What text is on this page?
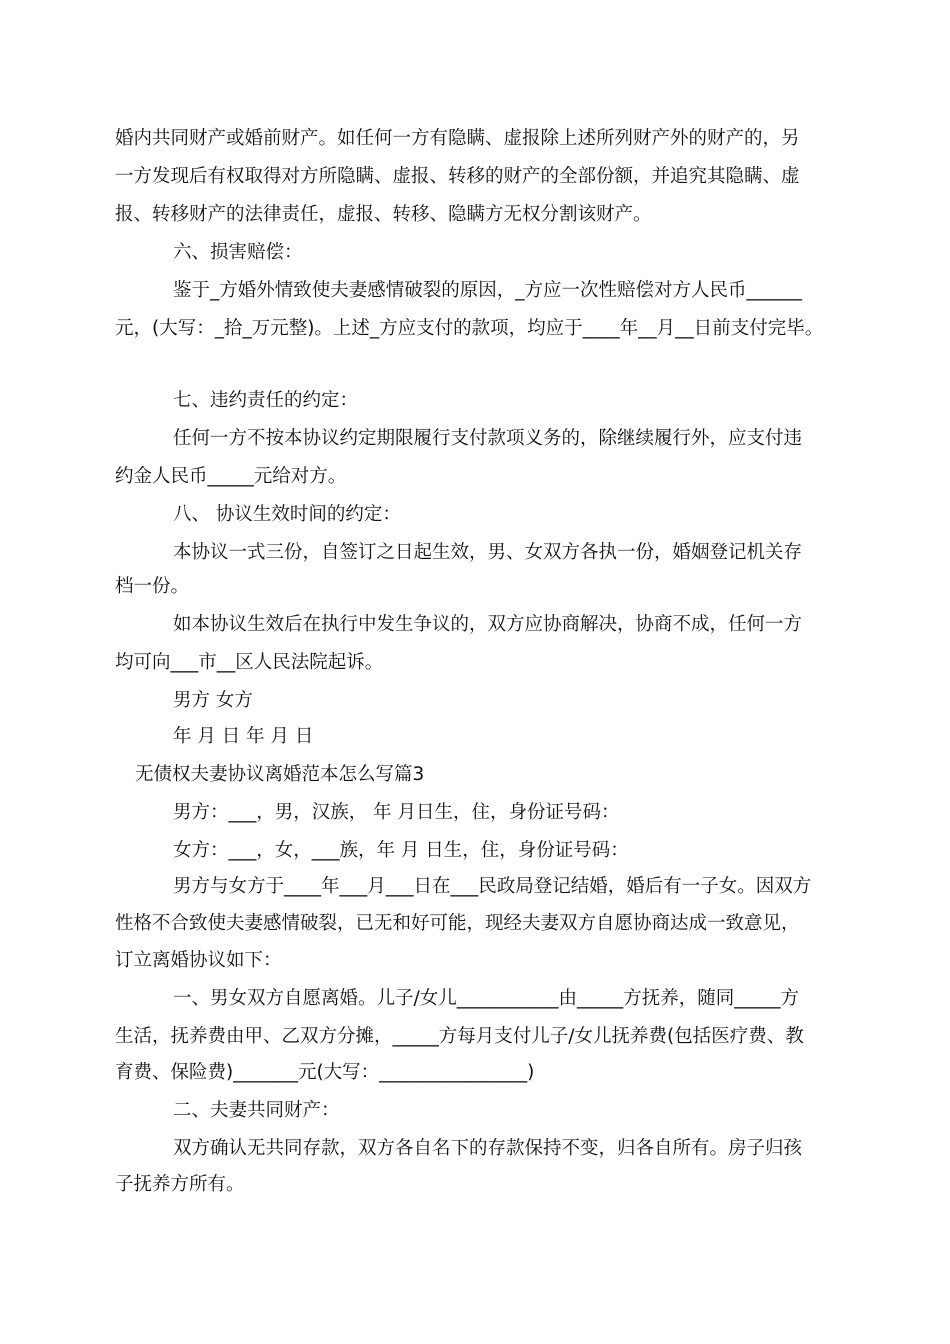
婚内共同财产或婚前财产。如任何一方有隐瞒、虚报除上述所列财产外的财产的，另

一方发现后有权取得对方所隐瞒、虚报、转移的财产的全部份额，并追究其隐瞒、虚

报、转移财产的法律责任，虚报、转移、隐瞒方无权分割该财产。

六、损害赔偿：

鉴于_方婚外情致使夫妻感情破裂的原因，_方应一次性赔偿对方人民币______

元，(大写：_拾_万元整)。上述_方应支付的款项，均应于____年__月__日前支付完毕。

七、违约责任的约定：

任何一方不按本协议约定期限履行支付款项义务的，除继续履行外，应支付违

约金人民币_____元给对方。

八、 协议生效时间的约定：

本协议一式三份，自签订之日起生效，男、女双方各执一份，婚姻登记机关存

档一份。

如本协议生效后在执行中发生争议的，双方应协商解决，协商不成，任何一方

均可向___市__区人民法院起诉。

男方 女方

年 月 日 年 月 日

无债权夫妻协议离婚范本怎么写篇3

男方：___，男，汉族， 年 月日生，住，身份证号码：

女方：___，女，___族，年 月 日生，住，身份证号码：

男方与女方于____年___月___日在___民政局登记结婚，婚后有一子女。因双方

性格不合致使夫妻感情破裂，已无和好可能，现经夫妻双方自愿协商达成一致意见，

订立离婚协议如下：

一、男女双方自愿离婚。儿子/女儿___________由_____方抚养，随同_____方

生活，抚养费由甲、乙双方分摊，_____方每月支付儿子/女儿抚养费(包括医疗费、教

育费、保险费)_______元(大写：________________)

二、夫妻共同财产：

双方确认无共同存款，双方各自名下的存款保持不变，归各自所有。房子归孩

子抚养方所有。
